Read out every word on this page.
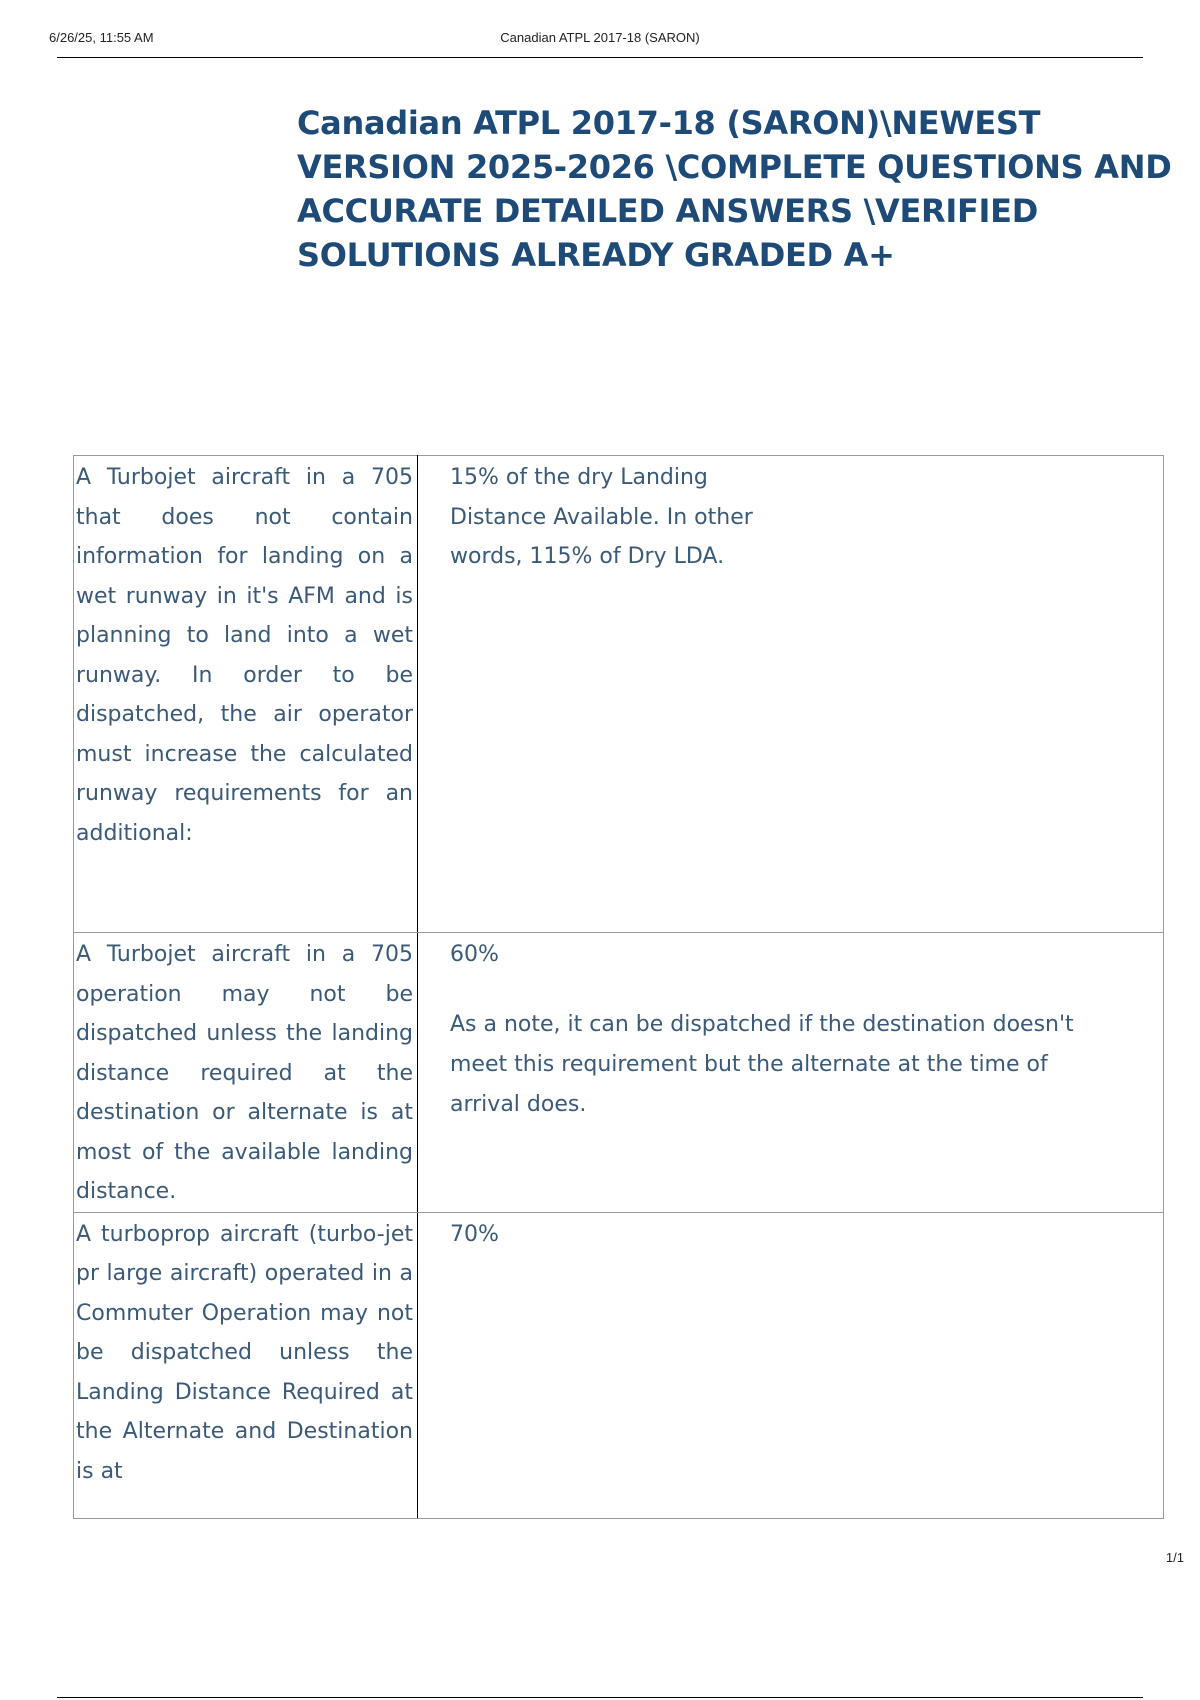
6/26/25, 11:55 AM	Canadian ATPL 2017-18 (SARON)
Canadian ATPL 2017-18 (SARON)\NEWEST VERSION 2025-2026 \COMPLETE QUESTIONS AND ACCURATE DETAILED ANSWERS \VERIFIED SOLUTIONS ALREADY GRADED A+
A Turbojet aircraft in a 705 that does not contain information for landing on a wet runway in it's AFM and is planning to land into a wet runway. In order to be dispatched, the air operator must increase the calculated runway requirements for an additional:	15% of the dry Landing Distance Available. In other words, 115% of Dry LDA.

A Turbojet aircraft in a 705 operation may not be dispatched unless the landing distance required at the destination or alternate is at most of the available landing distance.	60%
As a note, it can be dispatched if the destination doesn't meet this requirement but the alternate at the time of arrival does.

A turboprop aircraft (turbo-jet pr large aircraft) operated in a Commuter Operation may not be dispatched unless the Landing Distance Required at the Alternate and Destination is at	70%
1/1
